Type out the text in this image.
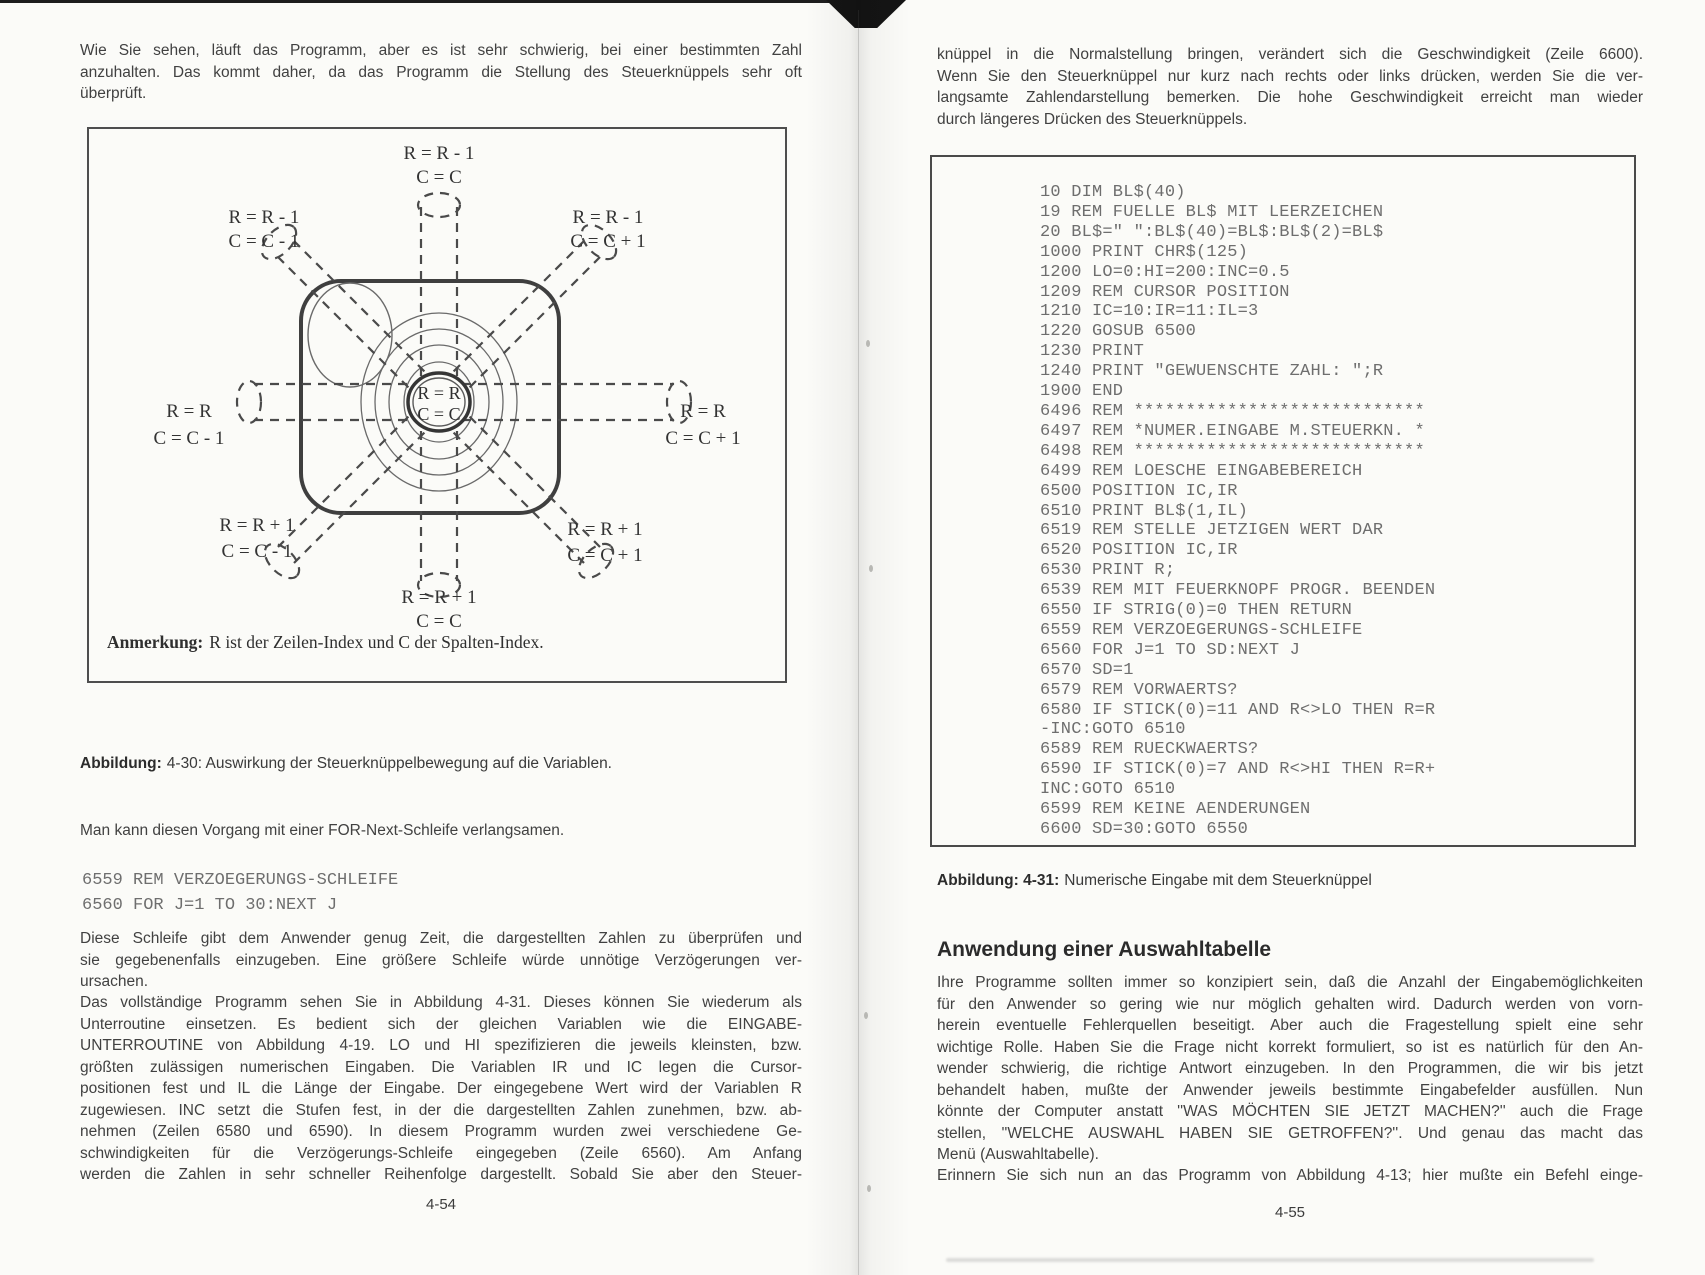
Wie Sie sehen, läuft das Programm, aber es ist sehr schwierig, bei einer bestimmten Zahl
anzuhalten. Das kommt daher, da das Programm die Stellung des Steuerknüppels sehr oft
überprüft.
R = R
C = C
R = R - 1
C = C
R = R - 1
C = C - 1
R = R - 1
C = C + 1
R = R
C = C - 1
R = R
C = C + 1
R = R + 1
C = C - 1
R = R + 1
C = C + 1
R = R + 1
C = C
Anmerkung: R ist der Zeilen-Index und C der Spalten-Index.
Abbildung: 4-30: Auswirkung der Steuerknüppelbewegung auf die Variablen.
Man kann diesen Vorgang mit einer FOR-Next-Schleife verlangsamen.
6559 REM VERZOEGERUNGS-SCHLEIFE
6560 FOR J=1 TO 30:NEXT J
Diese Schleife gibt dem Anwender genug Zeit, die dargestellten Zahlen zu überprüfen und
sie gegebenenfalls einzugeben. Eine größere Schleife würde unnötige Verzögerungen ver-
ursachen.
Das vollständige Programm sehen Sie in Abbildung 4-31. Dieses können Sie wiederum als
Unterroutine einsetzen. Es bedient sich der gleichen Variablen wie die EINGABE-
UNTERROUTINE von Abbildung 4-19. LO und HI spezifizieren die jeweils kleinsten, bzw.
größten zulässigen numerischen Eingaben. Die Variablen IR und IC legen die Cursor-
positionen fest und IL die Länge der Eingabe. Der eingegebene Wert wird der Variablen R
zugewiesen. INC setzt die Stufen fest, in der die dargestellten Zahlen zunehmen, bzw. ab-
nehmen (Zeilen 6580 und 6590). In diesem Programm wurden zwei verschiedene Ge-
schwindigkeiten für die Verzögerungs-Schleife eingegeben (Zeile 6560). Am Anfang
werden die Zahlen in sehr schneller Reihenfolge dargestellt. Sobald Sie aber den Steuer-
4-54
knüppel in die Normalstellung bringen, verändert sich die Geschwindigkeit (Zeile 6600).
Wenn Sie den Steuerknüppel nur kurz nach rechts oder links drücken, werden Sie die ver-
langsamte Zahlendarstellung bemerken. Die hohe Geschwindigkeit erreicht man wieder
durch längeres Drücken des Steuerknüppels.
10 DIM BL$(40)
19 REM FUELLE BL$ MIT LEERZEICHEN
20 BL$=" ":BL$(40)=BL$:BL$(2)=BL$
1000 PRINT CHR$(125)
1200 LO=0:HI=200:INC=0.5
1209 REM CURSOR POSITION
1210 IC=10:IR=11:IL=3
1220 GOSUB 6500
1230 PRINT
1240 PRINT "GEWUENSCHTE ZAHL: ";R
1900 END
6496 REM ****************************
6497 REM *NUMER.EINGABE M.STEUERKN. *
6498 REM ****************************
6499 REM LOESCHE EINGABEBEREICH
6500 POSITION IC,IR
6510 PRINT BL$(1,IL)
6519 REM STELLE JETZIGEN WERT DAR
6520 POSITION IC,IR
6530 PRINT R;
6539 REM MIT FEUERKNOPF PROGR. BEENDEN
6550 IF STRIG(0)=0 THEN RETURN
6559 REM VERZOEGERUNGS-SCHLEIFE
6560 FOR J=1 TO SD:NEXT J
6570 SD=1
6579 REM VORWAERTS?
6580 IF STICK(0)=11 AND R<>LO THEN R=R
-INC:GOTO 6510
6589 REM RUECKWAERTS?
6590 IF STICK(0)=7 AND R<>HI THEN R=R+
INC:GOTO 6510
6599 REM KEINE AENDERUNGEN
6600 SD=30:GOTO 6550
Abbildung: 4-31: Numerische Eingabe mit dem Steuerknüppel
Anwendung einer Auswahltabelle
Ihre Programme sollten immer so konzipiert sein, daß die Anzahl der Eingabemöglichkeiten
für den Anwender so gering wie nur möglich gehalten wird. Dadurch werden von vorn-
herein eventuelle Fehlerquellen beseitigt. Aber auch die Fragestellung spielt eine sehr
wichtige Rolle. Haben Sie die Frage nicht korrekt formuliert, so ist es natürlich für den An-
wender schwierig, die richtige Antwort einzugeben. In den Programmen, die wir bis jetzt
behandelt haben, mußte der Anwender jeweils bestimmte Eingabefelder ausfüllen. Nun
könnte der Computer anstatt ''WAS MÖCHTEN SIE JETZT MACHEN?'' auch die Frage
stellen, ''WELCHE AUSWAHL HABEN SIE GETROFFEN?''. Und genau das macht das
Menü (Auswahltabelle).
Erinnern Sie sich nun an das Programm von Abbildung 4-13; hier mußte ein Befehl einge-
4-55
